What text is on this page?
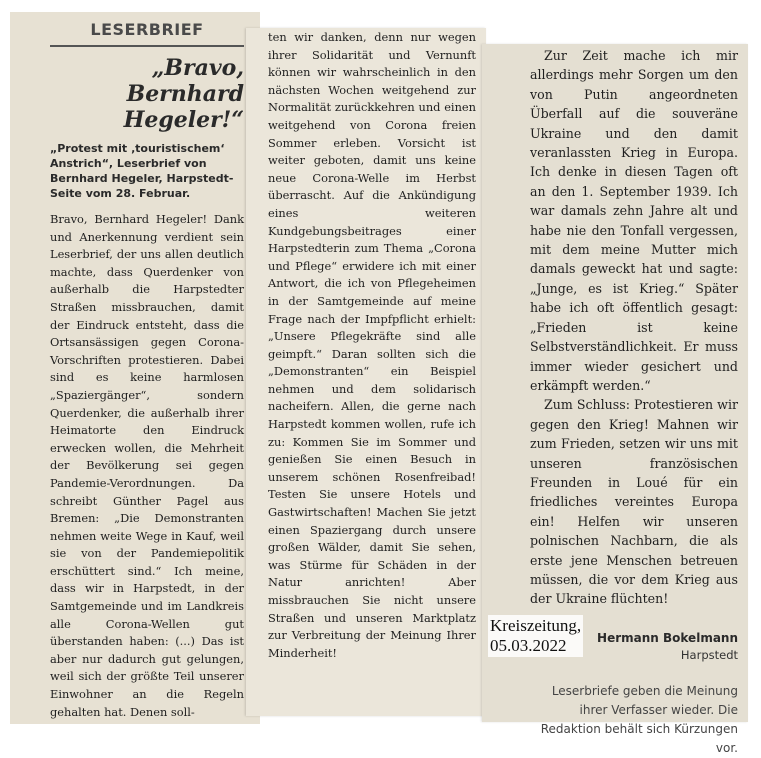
LESERBRIEF
„Bravo, Bernhard Hegeler!“
„Protest mit ‚touristischem‘ Anstrich“, Leserbrief von Bernhard Hegeler, Harpstedt-Seite vom 28. Februar.
Bravo, Bernhard Hegeler! Dank und Anerkennung verdient sein Leserbrief, der uns allen deutlich machte, dass Querdenker von außerhalb die Harpstedter Straßen missbrauchen, damit der Eindruck entsteht, dass die Ortsansässigen gegen Corona-Vorschriften protestieren. Dabei sind es keine harmlosen „Spaziergänger“, sondern Querdenker, die außerhalb ihrer Heimatorte den Eindruck erwecken wollen, die Mehrheit der Bevölkerung sei gegen Pandemie-Verordnungen. Da schreibt Günther Pagel aus Bremen: „Die Demonstranten nehmen weite Wege in Kauf, weil sie von der Pandemiepolitik erschüttert sind.“ Ich meine, dass wir in Harpstedt, in der Samtgemeinde und im Landkreis alle Corona-Wellen gut überstanden haben: (...) Das ist aber nur dadurch gut gelungen, weil sich der größte Teil unserer Einwohner an die Regeln gehalten hat. Denen soll-
ten wir danken, denn nur wegen ihrer Solidarität und Vernunft können wir wahrscheinlich in den nächsten Wochen weitgehend zur Normalität zurückkehren und einen weitgehend von Corona freien Sommer erleben. Vorsicht ist weiter geboten, damit uns keine neue Corona-Welle im Herbst überrascht. Auf die Ankündigung eines weiteren Kundgebungsbeitrages einer Harpstedterin zum Thema „Corona und Pflege“ erwidere ich mit einer Antwort, die ich von Pflegeheimen in der Samtgemeinde auf meine Frage nach der Impfpflicht erhielt: „Unsere Pflegekräfte sind alle geimpft.“ Daran sollten sich die „Demonstranten“ ein Beispiel nehmen und dem solidarisch nacheifern. Allen, die gerne nach Harpstedt kommen wollen, rufe ich zu: Kommen Sie im Sommer und genießen Sie einen Besuch in unserem schönen Rosenfreibad! Testen Sie unsere Hotels und Gastwirtschaften! Machen Sie jetzt einen Spaziergang durch unsere großen Wälder, damit Sie sehen, was Stürme für Schäden in der Natur anrichten! Aber missbrauchen Sie nicht unsere Straßen und unseren Marktplatz zur Verbreitung der Meinung Ihrer Minderheit!

Zur Zeit mache ich mir allerdings mehr Sorgen um den von Putin angeordneten Überfall auf die souveräne Ukraine und den damit veranlassten Krieg in Europa. Ich denke in diesen Tagen oft an den 1. September 1939. Ich war damals zehn Jahre alt und habe nie den Tonfall vergessen, mit dem meine Mutter mich damals geweckt hat und sagte: „Junge, es ist Krieg.“ Später habe ich oft öffentlich gesagt: „Frieden ist keine Selbstverständlichkeit. Er muss immer wieder gesichert und erkämpft werden.“

Zum Schluss: Protestieren wir gegen den Krieg! Mahnen wir zum Frieden, setzen wir uns mit unseren französischen Freunden in Loué für ein friedliches vereintes Europa ein! Helfen wir unseren polnischen Nachbarn, die als erste jene Menschen betreuen müssen, die vor dem Krieg aus der Ukraine flüchten!

Hermann Bokelmann
Harpstedt
Leserbriefe geben die Meinung ihrer Verfasser wieder. Die Redaktion behält sich Kürzungen vor.
Kreiszeitung,
05.03.2022
